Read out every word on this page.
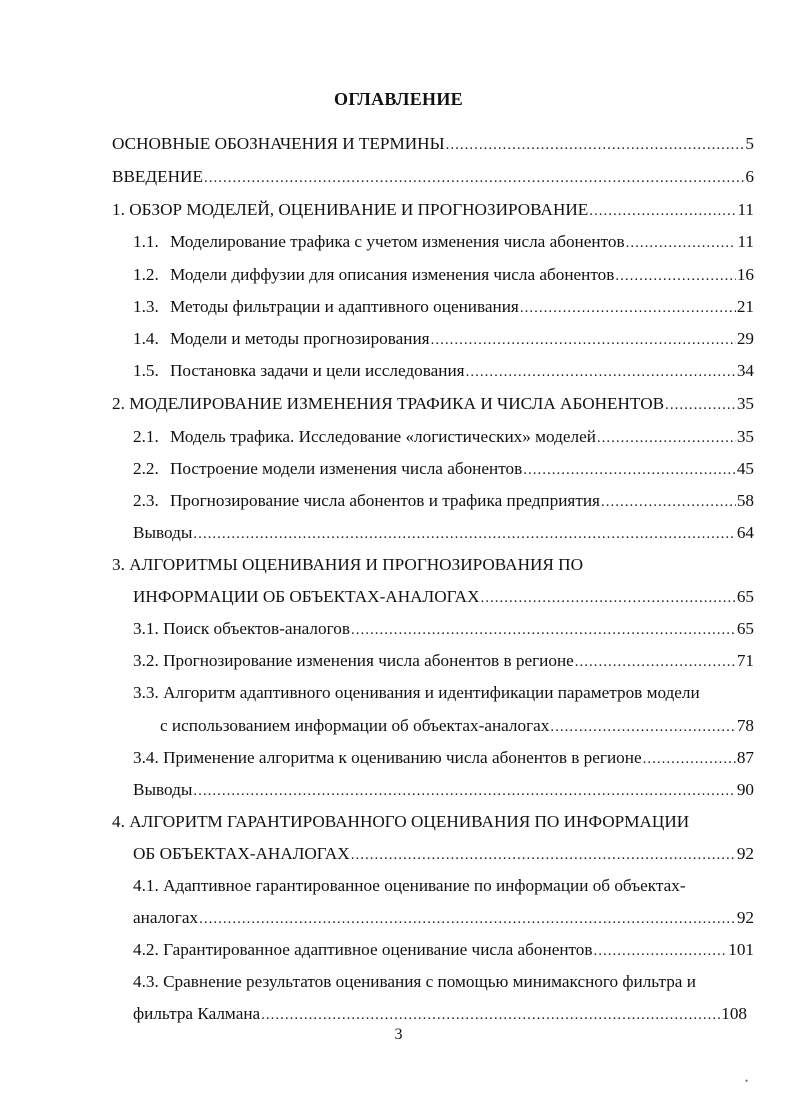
ОГЛАВЛЕНИЕ
ОСНОВНЫЕ ОБОЗНАЧЕНИЯ И ТЕРМИНЫ .....	5
ВВЕДЕНИЕ .....	6
1. ОБЗОР МОДЕЛЕЙ, ОЦЕНИВАНИЕ И ПРОГНОЗИРОВАНИЕ .....	11
1.1. Моделирование трафика с учетом изменения числа абонентов .....	11
1.2. Модели диффузии для описания изменения числа абонентов .....	16
1.3. Методы фильтрации и адаптивного оценивания .....	21
1.4. Модели и методы прогнозирования .....	29
1.5. Постановка задачи и цели исследования .....	34
2. МОДЕЛИРОВАНИЕ ИЗМЕНЕНИЯ ТРАФИКА И ЧИСЛА АБОНЕНТОВ .....	35
2.1. Модель трафика. Исследование «логистических» моделей .....	35
2.2. Построение модели изменения числа абонентов .....	45
2.3. Прогнозирование числа абонентов и трафика предприятия .....	58
Выводы .....	64
3. АЛГОРИТМЫ ОЦЕНИВАНИЯ И ПРОГНОЗИРОВАНИЯ ПО
ИНФОРМАЦИИ ОБ ОБЪЕКТАХ-АНАЛОГАХ .....	65
3.1. Поиск объектов-аналогов .....	65
3.2. Прогнозирование изменения числа абонентов в регионе .....	71
3.3. Алгоритм адаптивного оценивания и идентификации параметров модели
с использованием информации об объектах-аналогах .....	78
3.4. Применение алгоритма к оцениванию числа абонентов в регионе .....	87
Выводы .....	90
4. АЛГОРИТМ ГАРАНТИРОВАННОГО ОЦЕНИВАНИЯ ПО ИНФОРМАЦИИ
ОБ ОБЪЕКТАХ-АНАЛОГАХ .....	92
4.1. Адаптивное гарантированное оценивание по информации об объектах-
аналогах .....	92
4.2. Гарантированное адаптивное оценивание числа абонентов .....	101
4.3. Сравнение результатов оценивания с помощью минимаксного фильтра и
фильтра Калмана .....	108
3
•
